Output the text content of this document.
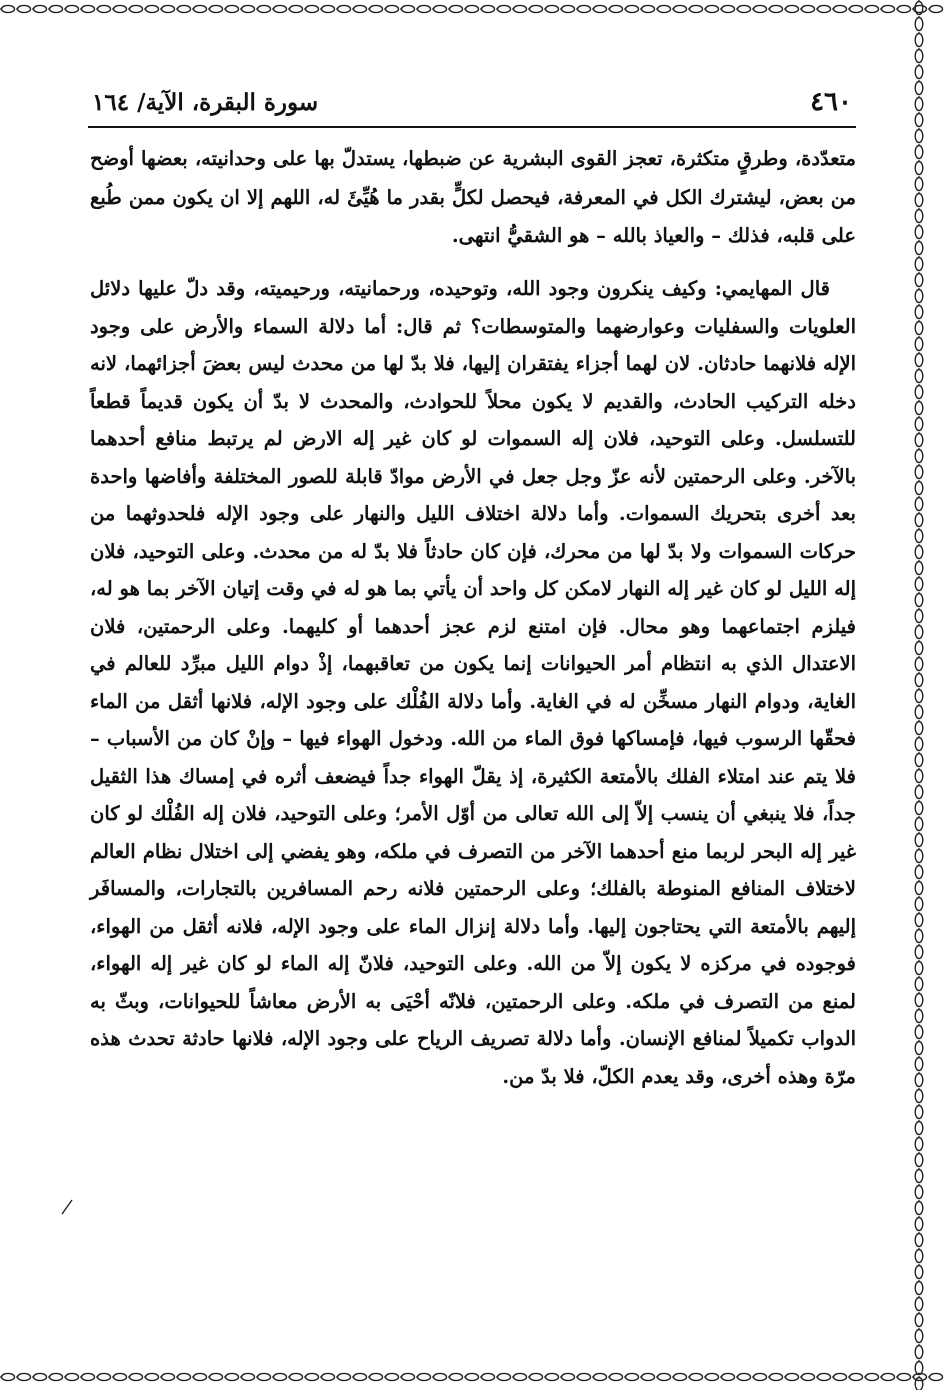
٤٦٠
سورة البقرة، الآية/ ١٦٤

متعدّدة، وطرقٍ متكثرة، تعجز القوى البشرية عن ضبطها، يستدلّ بها على وحدانيته، بعضها أوضح من بعض، ليشترك الكل في المعرفة، فيحصل لكلٍّ بقدر ما هُيِّئَ له، اللهم إلا ان يكون ممن طُبع على قلبه، فذلك – والعياذ بالله – هو الشقيُّ انتهى.

قال المهايمي: وكيف ينكرون وجود الله، وتوحيده، ورحمانيته، ورحيميته، وقد دلّ عليها دلائل العلويات والسفليات وعوارضهما والمتوسطات؟ ثم قال: أما دلالة السماء والأرض على وجود الإله فلانهما حادثان. لان لهما أجزاء يفتقران إليها، فلا بدّ لها من محدث ليس بعضَ أجزائهما، لانه دخله التركيب الحادث، والقديم لا يكون محلاً للحوادث، والمحدث لا بدّ أن يكون قديماً قطعاً للتسلسل. وعلى التوحيد، فلان إله السموات لو كان غير إله الارض لم يرتبط منافع أحدهما بالآخر. وعلى الرحمتين لأنه عزّ وجل جعل في الأرض موادّ قابلة للصور المختلفة وأفاضها واحدة بعد أخرى بتحريك السموات. وأما دلالة اختلاف الليل والنهار على وجود الإله فلحدوثهما من حركات السموات ولا بدّ لها من محرك، فإن كان حادثاً فلا بدّ له من محدث. وعلى التوحيد، فلان إله الليل لو كان غير إله النهار لامكن كل واحد أن يأتي بما هو له في وقت إتيان الآخر بما هو له، فيلزم اجتماعهما وهو محال. فإن امتنع لزم عجز أحدهما أو كليهما. وعلى الرحمتين، فلان الاعتدال الذي به انتظام أمر الحيوانات إنما يكون من تعاقبهما، إذْ دوام الليل مبرِّد للعالم في الغاية، ودوام النهار مسخِّن له في الغاية. وأما دلالة الفُلْك على وجود الإله، فلانها أثقل من الماء فحقّها الرسوب فيها، فإمساكها فوق الماء من الله. ودخول الهواء فيها – وإنْ كان من الأسباب – فلا يتم عند امتلاء الفلك بالأمتعة الكثيرة، إذ يقلّ الهواء جداً فيضعف أثره في إمساك هذا الثقيل جداً، فلا ينبغي أن ينسب إلاّ إلى الله تعالى من أوّل الأمر؛ وعلى التوحيد، فلان إله الفُلْك لو كان غير إله البحر لربما منع أحدهما الآخر من التصرف في ملكه، وهو يفضي إلى اختلال نظام العالم لاختلاف المنافع المنوطة بالفلك؛ وعلى الرحمتين فلانه رحم المسافرين بالتجارات، والمسافَر إليهم بالأمتعة التي يحتاجون إليها. وأما دلالة إنزال الماء على وجود الإله، فلانه أثقل من الهواء، فوجوده في مركزه لا يكون إلاّ من الله. وعلى التوحيد، فلانّ إله الماء لو كان غير إله الهواء، لمنع من التصرف في ملكه. وعلى الرحمتين، فلانّه أحْيَى به الأرض معاشاً للحيوانات، وبثّ به الدواب تكميلاً لمنافع الإنسان. وأما دلالة تصريف الرياح على وجود الإله، فلانها حادثة تحدث هذه مرّة وهذه أخرى، وقد يعدم الكلّ، فلا بدّ من.
